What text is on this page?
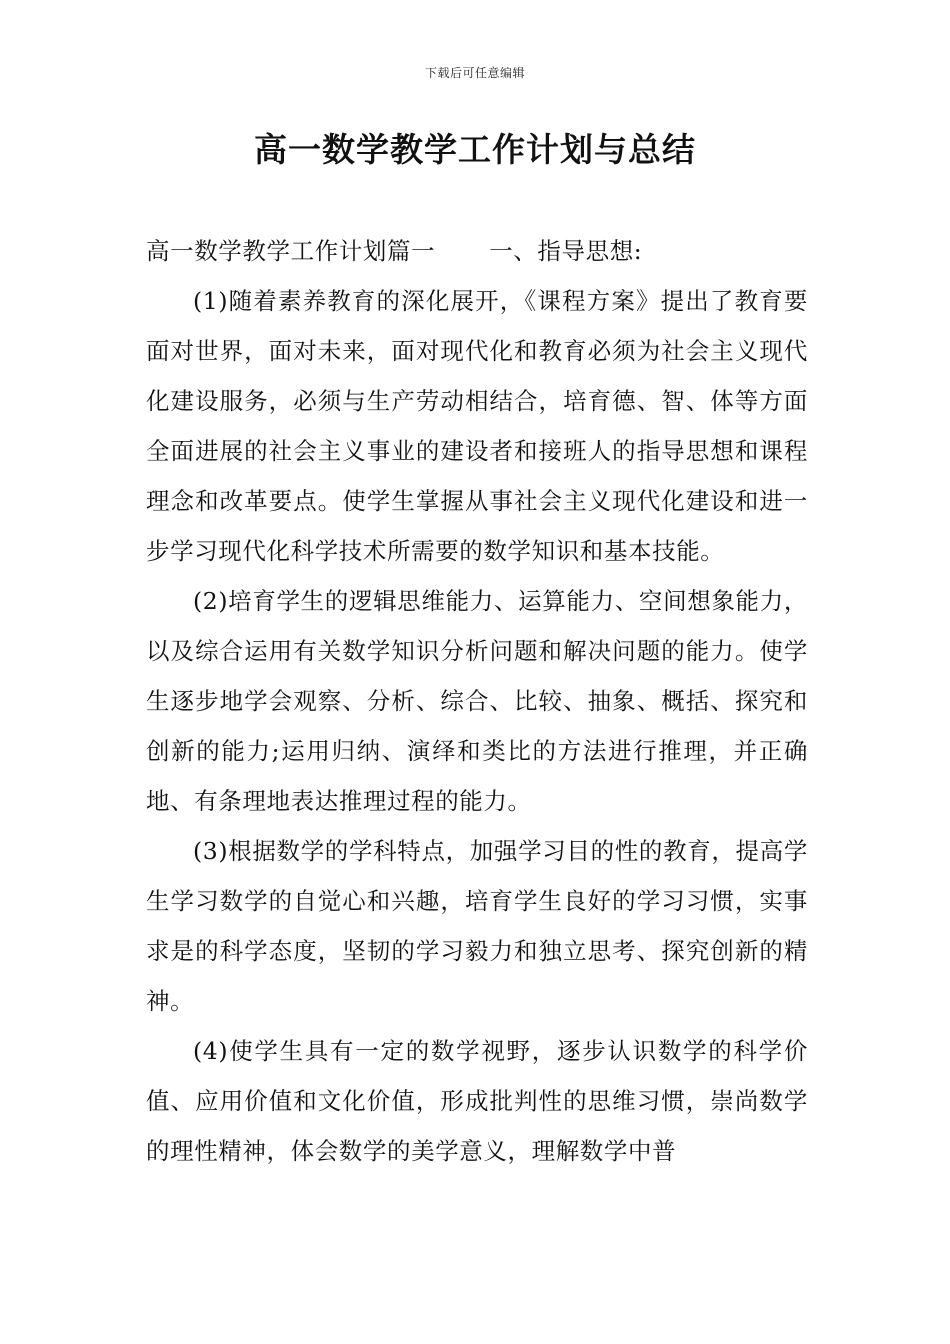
下载后可任意编辑
高一数学教学工作计划与总结

高一数学教学工作计划篇一 一、指导思想:

(1)随着素养教育的深化展开，《课程方案》提出了教育要面对世界，面对未来，面对现代化和教育必须为社会主义现代化建设服务，必须与生产劳动相结合，培育德、智、体等方面全面进展的社会主义事业的建设者和接班人的指导思想和课程理念和改革要点。使学生掌握从事社会主义现代化建设和进一步学习现代化科学技术所需要的数学知识和基本技能。

(2)培育学生的逻辑思维能力、运算能力、空间想象能力，以及综合运用有关数学知识分析问题和解决问题的能力。使学生逐步地学会观察、分析、综合、比较、抽象、概括、探究和创新的能力;运用归纳、演绎和类比的方法进行推理，并正确地、有条理地表达推理过程的能力。

(3)根据数学的学科特点，加强学习目的性的教育，提高学生学习数学的自觉心和兴趣，培育学生良好的学习习惯，实事求是的科学态度，坚韧的学习毅力和独立思考、探究创新的精神。

(4)使学生具有一定的数学视野，逐步认识数学的科学价值、应用价值和文化价值，形成批判性的思维习惯，崇尚数学的理性精神，体会数学的美学意义，理解数学中普
